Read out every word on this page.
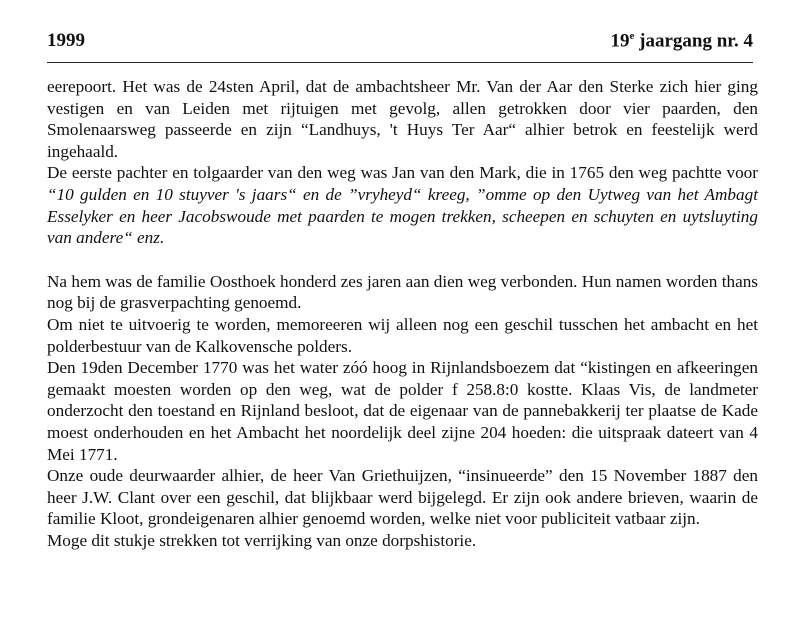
1999	19e jaargang nr. 4

eerepoort. Het was de 24sten April, dat de ambachtsheer Mr. Van der Aar den Sterke zich hier ging vestigen en van Leiden met rijtuigen met gevolg, allen getrokken door vier paarden, den Smolenaarsweg passeerde en zijn “Landhuys, 't Huys Ter Aar“ alhier betrok en feestelijk werd ingehaald.

De eerste pachter en tolgaarder van den weg was Jan van den Mark, die in 1765 den weg pachtte voor “10 gulden en 10 stuyver 's jaars“ en de ”vryheyd“ kreeg, ”omme op den Uytweg van het Ambagt Esselyker en heer Jacobswoude met paarden te mogen trekken, scheepen en schuyten en uytsluyting van andere“ enz.

Na hem was de familie Oosthoek honderd zes jaren aan dien weg verbonden. Hun namen worden thans nog bij de grasverpachting genoemd.

Om niet te uitvoerig te worden, memoreeren wij alleen nog een geschil tusschen het ambacht en het polderbestuur van de Kalkovensche polders.

Den 19den December 1770 was het water zóó hoog in Rijnlandsboezem dat “kistingen en afkeeringen gemaakt moesten worden op den weg, wat de polder f 258.8:0 kostte. Klaas Vis, de landmeter onderzocht den toestand en Rijnland besloot, dat de eigenaar van de pannebakkerij ter plaatse de Kade moest onderhouden en het Ambacht het noordelijk deel zijne 204 hoeden: die uitspraak dateert van 4 Mei 1771.

Onze oude deurwaarder alhier, de heer Van Griethuijzen, “insinueerde” den 15 November 1887 den heer J.W. Clant over een geschil, dat blijkbaar werd bijgelegd. Er zijn ook andere brieven, waarin de familie Kloot, grondeigenaren alhier genoemd worden, welke niet voor publiciteit vatbaar zijn.

Moge dit stukje strekken tot verrijking van onze dorpshistorie.
